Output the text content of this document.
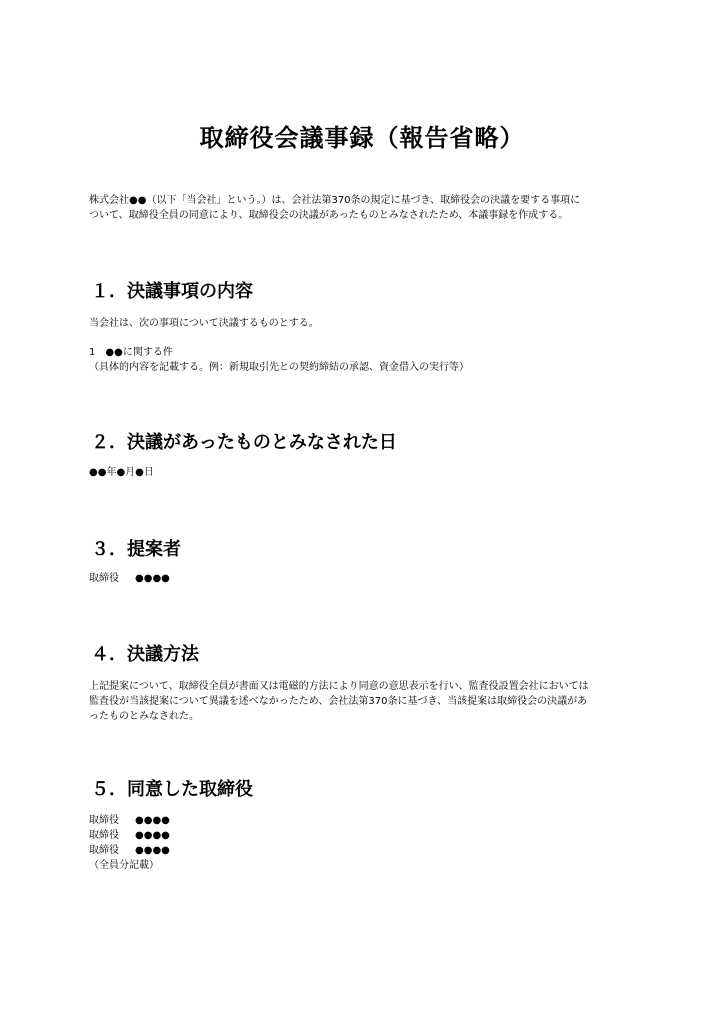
取締役会議事録（報告省略）

株式会社●●（以下「当会社」という。）は、会社法第370条の規定に基づき、取締役会の決議を要する事項に

ついて、取締役全員の同意により、取締役会の決議があったものとみなされたため、本議事録を作成する。

１．決議事項の内容

当会社は、次の事項について決議するものとする。

1　●●に関する件

（具体的内容を記載する。例：新規取引先との契約締結の承認、資金借入の実行等）

２．決議があったものとみなされた日

●●年●月●日

３．提案者
取締役 ●●●●
４．決議方法

上記提案について、取締役全員が書面又は電磁的方法により同意の意思表示を行い、監査役設置会社においては

監査役が当該提案について異議を述べなかったため、会社法第370条に基づき、当該提案は取締役会の決議があ

ったものとみなされた。

５．同意した取締役

取締役 ●●●●

取締役 ●●●●

取締役 ●●●●

（全員分記載）
